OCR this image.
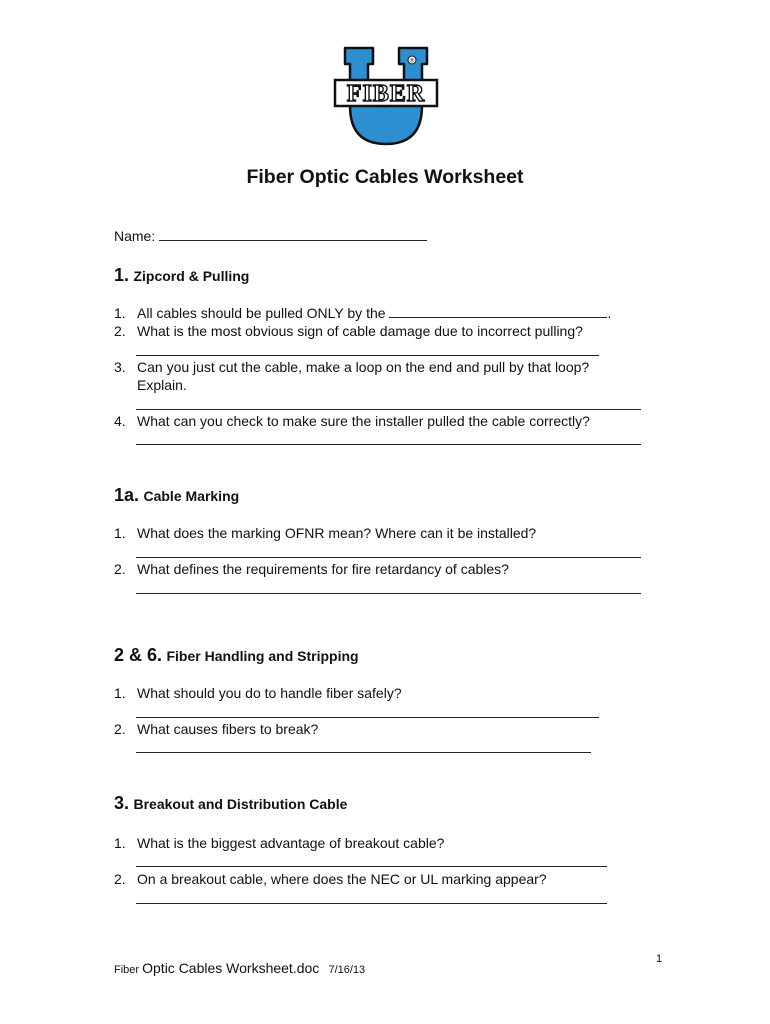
FIBER
®
Fiber Optic Cables Worksheet
Name:
1. Zipcord & Pulling
1. All cables should be pulled ONLY by the	.
2. What is the most obvious sign of cable damage due to incorrect pulling?
3. Can you just cut the cable, make a loop on the end and pull by that loop?
Explain.
4. What can you check to make sure the installer pulled the cable correctly?
1a. Cable Marking
1. What does the marking OFNR mean? Where can it be installed?
2. What defines the requirements for fire retardancy of cables?
2 & 6. Fiber Handling and Stripping
1. What should you do to handle fiber safely?
2. What causes fibers to break?
3. Breakout and Distribution Cable
1. What is the biggest advantage of breakout cable?
2. On a breakout cable, where does the NEC or UL marking appear?
1
Fiber Optic Cables Worksheet.doc 7/16/13
